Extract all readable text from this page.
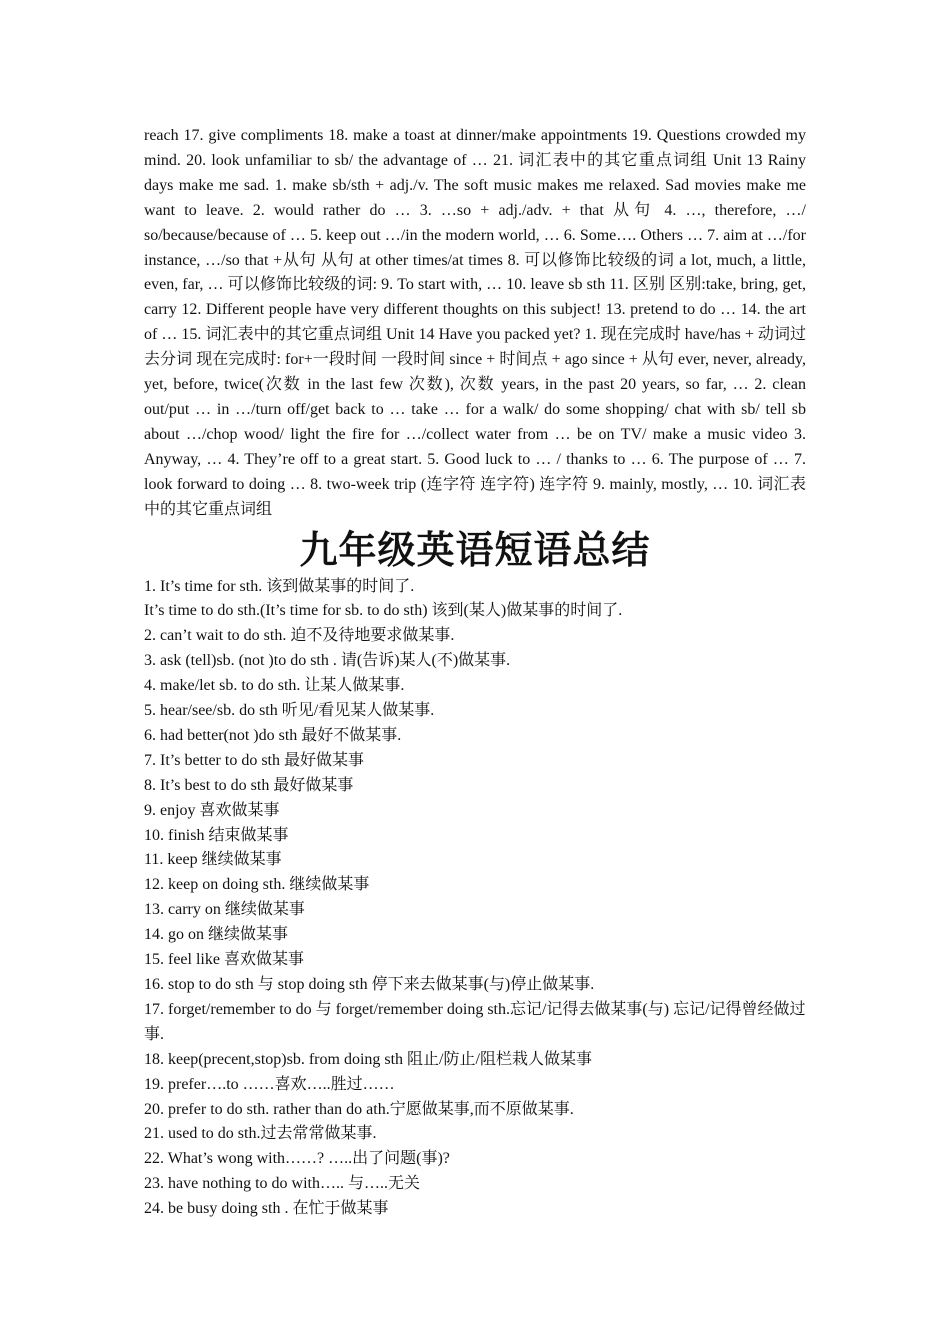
reach 17. give compliments 18. make a toast at dinner/make appointments 19. Questions crowded my mind. 20. look unfamiliar to sb/ the advantage of … 21. 词汇表中的其它重点词组 Unit 13 Rainy days make me sad. 1. make sb/sth + adj./v. The soft music makes me relaxed. Sad movies make me want to leave. 2. would rather do … 3. …so + adj./adv. + that 从句 4. …, therefore, …/ so/because/because of … 5. keep out …/in the modern world, … 6. Some…. Others … 7. aim at …/for instance, …/so that +从句 从句 at other times/at times 8. 可以修饰比较级的词 a lot, much, a little, even, far, … 可以修饰比较级的词: 9. To start with, … 10. leave sb sth 11. 区别 区别:take, bring, get, carry 12. Different people have very different thoughts on this subject! 13. pretend to do … 14. the art of … 15. 词汇表中的其它重点词组 Unit 14 Have you packed yet? 1. 现在完成时 have/has + 动词过去分词 现在完成时: for+一段时间 一段时间 since + 时间点 + ago since + 从句 ever, never, already, yet, before, twice(次数 in the last few 次数), 次数 years, in the past 20 years, so far, … 2. clean out/put … in …/turn off/get back to … take … for a walk/ do some shopping/ chat with sb/ tell sb about …/chop wood/ light the fire for …/collect water from … be on TV/ make a music video 3. Anyway, … 4. They’re off to a great start. 5. Good luck to … / thanks to … 6. The purpose of … 7. look forward to doing … 8. two-week trip (连字符 连字符) 连字符 9. mainly, mostly, … 10. 词汇表中的其它重点词组

九年级英语短语总结
1. It’s time for sth. 该到做某事的时间了.
It’s time to do sth.(It’s time for sb. to do sth) 该到(某人)做某事的时间了.
2. can’t wait to do sth. 迫不及待地要求做某事.
3. ask (tell)sb. (not )to do sth . 请(告诉)某人(不)做某事.
4. make/let sb. to do sth. 让某人做某事.
5. hear/see/sb. do sth 听见/看见某人做某事.
6. had better(not )do sth 最好不做某事.
7. It’s better to do sth 最好做某事
8. It’s best to do sth 最好做某事
9. enjoy 喜欢做某事
10. finish 结束做某事
11. keep 继续做某事
12. keep on doing sth. 继续做某事
13. carry on 继续做某事
14. go on 继续做某事
15. feel like 喜欢做某事
16. stop to do sth 与 stop doing sth 停下来去做某事(与)停止做某事.
17. forget/remember to do 与 forget/remember doing sth.忘记/记得去做某事(与) 忘记/记得曾经做过事.
18. keep(precent,stop)sb. from doing sth 阻止/防止/阻栏栽人做某事
19. prefer….to ……喜欢…..胜过……
20. prefer to do sth. rather than do ath.宁愿做某事,而不原做某事.
21. used to do sth.过去常常做某事.
22. What’s wong with……? …..出了问题(事)?
23. have nothing to do with….. 与…..无关
24. be busy doing sth . 在忙于做某事
